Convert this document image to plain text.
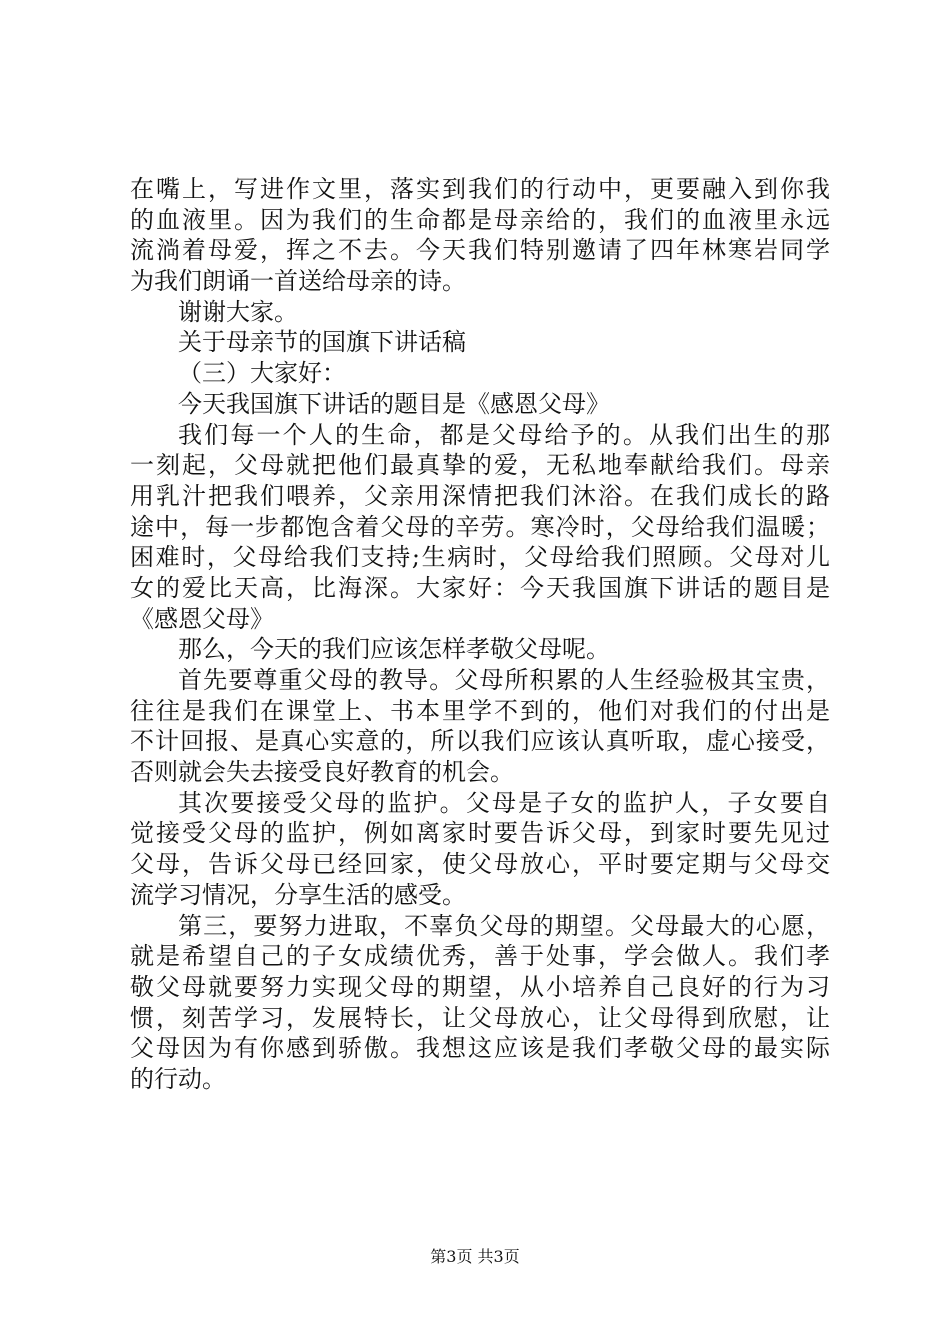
在嘴上，写进作文里，落实到我们的行动中，更要融入到你我
的血液里。因为我们的生命都是母亲给的，我们的血液里永远
流淌着母爱，挥之不去。今天我们特别邀请了四年林寒岩同学
为我们朗诵一首送给母亲的诗。
谢谢大家。
关于母亲节的国旗下讲话稿
（三）大家好：
今天我国旗下讲话的题目是《感恩父母》
我们每一个人的生命，都是父母给予的。从我们出生的那
一刻起，父母就把他们最真挚的爱，无私地奉献给我们。母亲
用乳汁把我们喂养，父亲用深情把我们沐浴。在我们成长的路
途中，每一步都饱含着父母的辛劳。寒冷时，父母给我们温暖；
困难时，父母给我们支持;生病时，父母给我们照顾。父母对儿
女的爱比天高，比海深。大家好：今天我国旗下讲话的题目是
《感恩父母》
那么，今天的我们应该怎样孝敬父母呢。
首先要尊重父母的教导。父母所积累的人生经验极其宝贵，
往往是我们在课堂上、书本里学不到的，他们对我们的付出是
不计回报、是真心实意的，所以我们应该认真听取，虚心接受，
否则就会失去接受良好教育的机会。
其次要接受父母的监护。父母是子女的监护人，子女要自
觉接受父母的监护，例如离家时要告诉父母，到家时要先见过
父母，告诉父母已经回家，使父母放心，平时要定期与父母交
流学习情况，分享生活的感受。
第三，要努力进取，不辜负父母的期望。父母最大的心愿，
就是希望自己的子女成绩优秀，善于处事，学会做人。我们孝
敬父母就要努力实现父母的期望，从小培养自己良好的行为习
惯，刻苦学习，发展特长，让父母放心，让父母得到欣慰，让
父母因为有你感到骄傲。我想这应该是我们孝敬父母的最实际
的行动。
第3页 共3页
